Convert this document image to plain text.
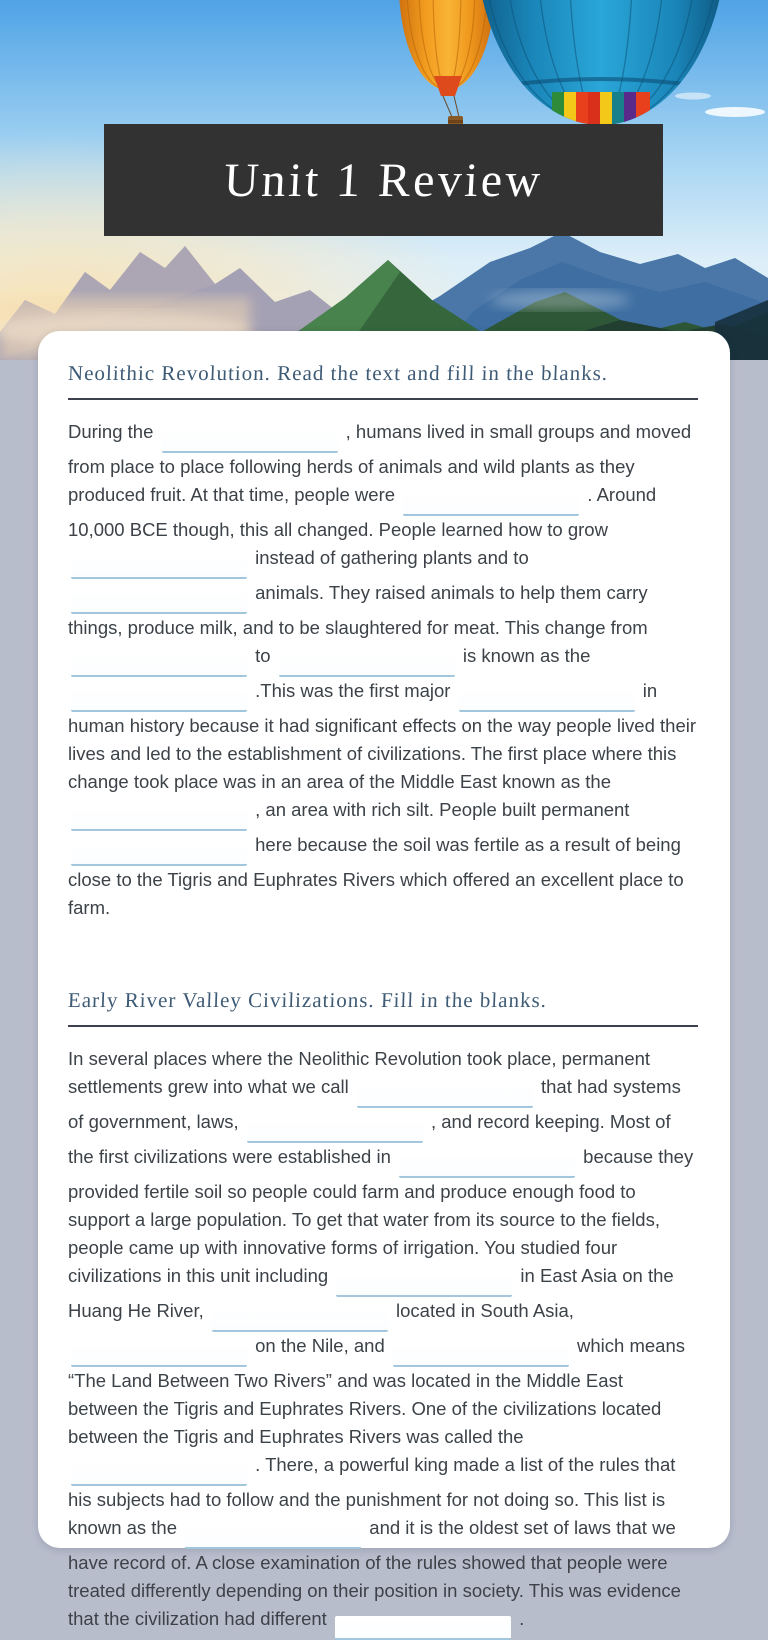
Unit 1 Review
Neolithic Revolution. Read the text and fill in the blanks.

During the	, humans lived in small groups and moved from place to place following herds of animals and wild plants as they produced fruit. At that time, people were	. Around 10,000 BCE though, this all changed. People learned how to grow  instead of gathering plants and to  animals. They raised animals to help them carry things, produce milk, and to be slaughtered for meat. This change from  to	is known as the  .This was the first major	in human history because it had significant effects on the way people lived their lives and led to the establishment of civilizations. The first place where this change took place was in an area of the Middle East known as the  , an area with rich silt. People built permanent  here because the soil was fertile as a result of being close to the Tigris and Euphrates Rivers which offered an excellent place to farm.

Early River Valley Civilizations. Fill in the blanks.

In several places where the Neolithic Revolution took place, permanent settlements grew into what we call	that had systems of government, laws,	, and record keeping. Most of the first civilizations were established in	because they provided fertile soil so people could farm and produce enough food to support a large population. To get that water from its source to the fields, people came up with innovative forms of irrigation. You studied four civilizations in this unit including	in East Asia on the Huang He River,	located in South Asia,  on the Nile, and	which means “The Land Between Two Rivers” and was located in the Middle East between the Tigris and Euphrates Rivers. One of the civilizations located between the Tigris and Euphrates Rivers was called the  . There, a powerful king made a list of the rules that his subjects had to follow and the punishment for not doing so. This list is known as the	and it is the oldest set of laws that we have record of. A close examination of the rules showed that people were treated differently depending on their position in society. This was evidence that the civilization had different	.
